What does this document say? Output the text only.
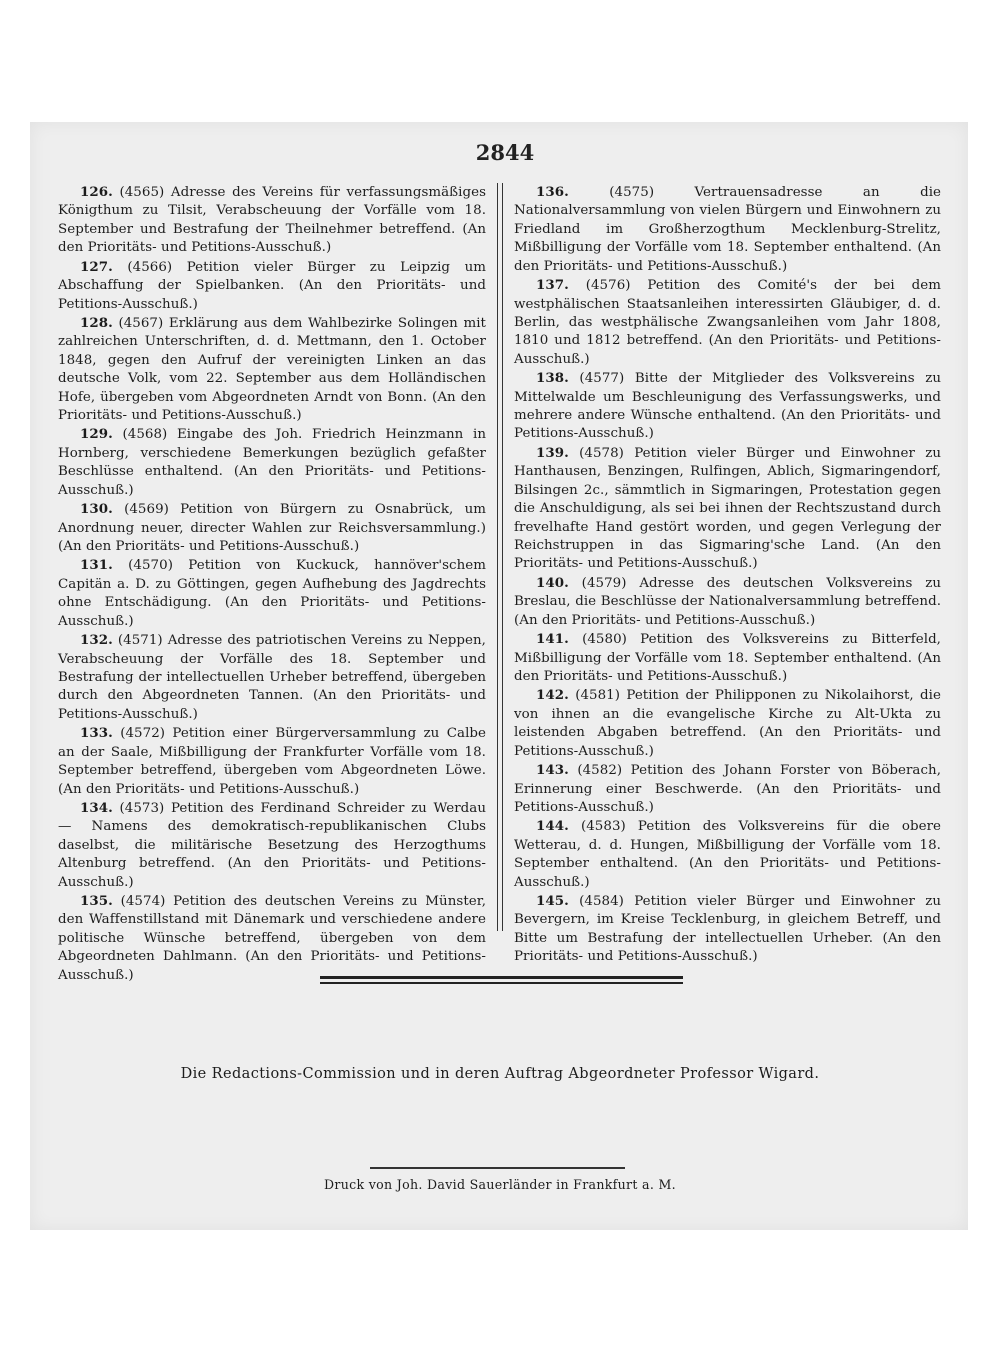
2844

126. (4565) Adresse des Vereins für verfassungsmäßiges Königthum zu Tilsit, Verabscheuung der Vorfälle vom 18. September und Bestrafung der Theilnehmer betreffend. (An den Prioritäts- und Petitions-Ausschuß.)

127. (4566) Petition vieler Bürger zu Leipzig um Abschaffung der Spielbanken. (An den Prioritäts- und Petitions-Ausschuß.)

128. (4567) Erklärung aus dem Wahlbezirke Solingen mit zahlreichen Unterschriften, d. d. Mettmann, den 1. October 1848, gegen den Aufruf der vereinigten Linken an das deutsche Volk, vom 22. September aus dem Holländischen Hofe, übergeben vom Abgeordneten Arndt von Bonn. (An den Prioritäts- und Petitions-Ausschuß.)

129. (4568) Eingabe des Joh. Friedrich Heinzmann in Hornberg, verschiedene Bemerkungen bezüglich gefaßter Beschlüsse enthaltend. (An den Prioritäts- und Petitions-Ausschuß.)

130. (4569) Petition von Bürgern zu Osnabrück, um Anordnung neuer, directer Wahlen zur Reichsversammlung.) (An den Prioritäts- und Petitions-Ausschuß.)

131. (4570) Petition von Kuckuck, hannöver'schem Capitän a. D. zu Göttingen, gegen Aufhebung des Jagdrechts ohne Entschädigung. (An den Prioritäts- und Petitions-Ausschuß.)

132. (4571) Adresse des patriotischen Vereins zu Neppen, Verabscheuung der Vorfälle des 18. September und Bestrafung der intellectuellen Urheber betreffend, übergeben durch den Abgeordneten Tannen. (An den Prioritäts- und Petitions-Ausschuß.)

133. (4572) Petition einer Bürgerversammlung zu Calbe an der Saale, Mißbilligung der Frankfurter Vorfälle vom 18. September betreffend, übergeben vom Abgeordneten Löwe. (An den Prioritäts- und Petitions-Ausschuß.)

134. (4573) Petition des Ferdinand Schreider zu Werdau — Namens des demokratisch-republikanischen Clubs daselbst, die militärische Besetzung des Herzogthums Altenburg betreffend. (An den Prioritäts- und Petitions-Ausschuß.)

135. (4574) Petition des deutschen Vereins zu Münster, den Waffenstillstand mit Dänemark und verschiedene andere politische Wünsche betreffend, übergeben von dem Abgeordneten Dahlmann. (An den Prioritäts- und Petitions-Ausschuß.)

136.	(4575) Vertrauensadresse an die Nationalversammlung von vielen Bürgern und Einwohnern zu Friedland im Großherzogthum Mecklenburg-Strelitz, Mißbilligung der Vorfälle vom 18. September enthaltend. (An den Prioritäts- und Petitions-Ausschuß.)

137. (4576) Petition des Comité's der bei dem westphälischen Staatsanleihen interessirten Gläubiger, d. d. Berlin, das westphälische Zwangsanleihen vom Jahr 1808, 1810 und 1812 betreffend. (An den Prioritäts- und Petitions-Ausschuß.)

138. (4577) Bitte der Mitglieder des Volksvereins zu Mittelwalde um Beschleunigung des Verfassungswerks, und mehrere andere Wünsche enthaltend. (An den Prioritäts- und Petitions-Ausschuß.)

139. (4578) Petition vieler Bürger und Einwohner zu Hanthausen, Benzingen, Rulfingen, Ablich, Sigmaringendorf, Bilsingen 2c., sämmtlich in Sigmaringen, Protestation gegen die Anschuldigung, als sei bei ihnen der Rechtszustand durch frevelhafte Hand gestört worden, und gegen Verlegung der Reichstruppen in das Sigmaring'sche Land. (An den Prioritäts- und Petitions-Ausschuß.)

140. (4579) Adresse des deutschen Volksvereins zu Breslau, die Beschlüsse der Nationalversammlung betreffend. (An den Prioritäts- und Petitions-Ausschuß.)

141. (4580) Petition des Volksvereins zu Bitterfeld, Mißbilligung der Vorfälle vom 18. September enthaltend. (An den Prioritäts- und Petitions-Ausschuß.)

142. (4581) Petition der Philipponen zu Nikolaihorst, die von ihnen an die evangelische Kirche zu Alt-Ukta zu leistenden Abgaben betreffend. (An den Prioritäts- und Petitions-Ausschuß.)

143. (4582) Petition des Johann Forster von Böberach, Erinnerung einer Beschwerde. (An den Prioritäts- und Petitions-Ausschuß.)

144. (4583) Petition des Volksvereins für die obere Wetterau, d. d. Hungen, Mißbilligung der Vorfälle vom 18. September enthaltend. (An den Prioritäts- und Petitions-Ausschuß.)

145. (4584) Petition vieler Bürger und Einwohner zu Bevergern, im Kreise Tecklenburg, in gleichem Betreff, und Bitte um Bestrafung der intellectuellen Urheber. (An den Prioritäts- und Petitions-Ausschuß.)

Die Redactions-Commission und in deren Auftrag Abgeordneter Professor Wigard.
Druck von Joh. David Sauerländer in Frankfurt a. M.
